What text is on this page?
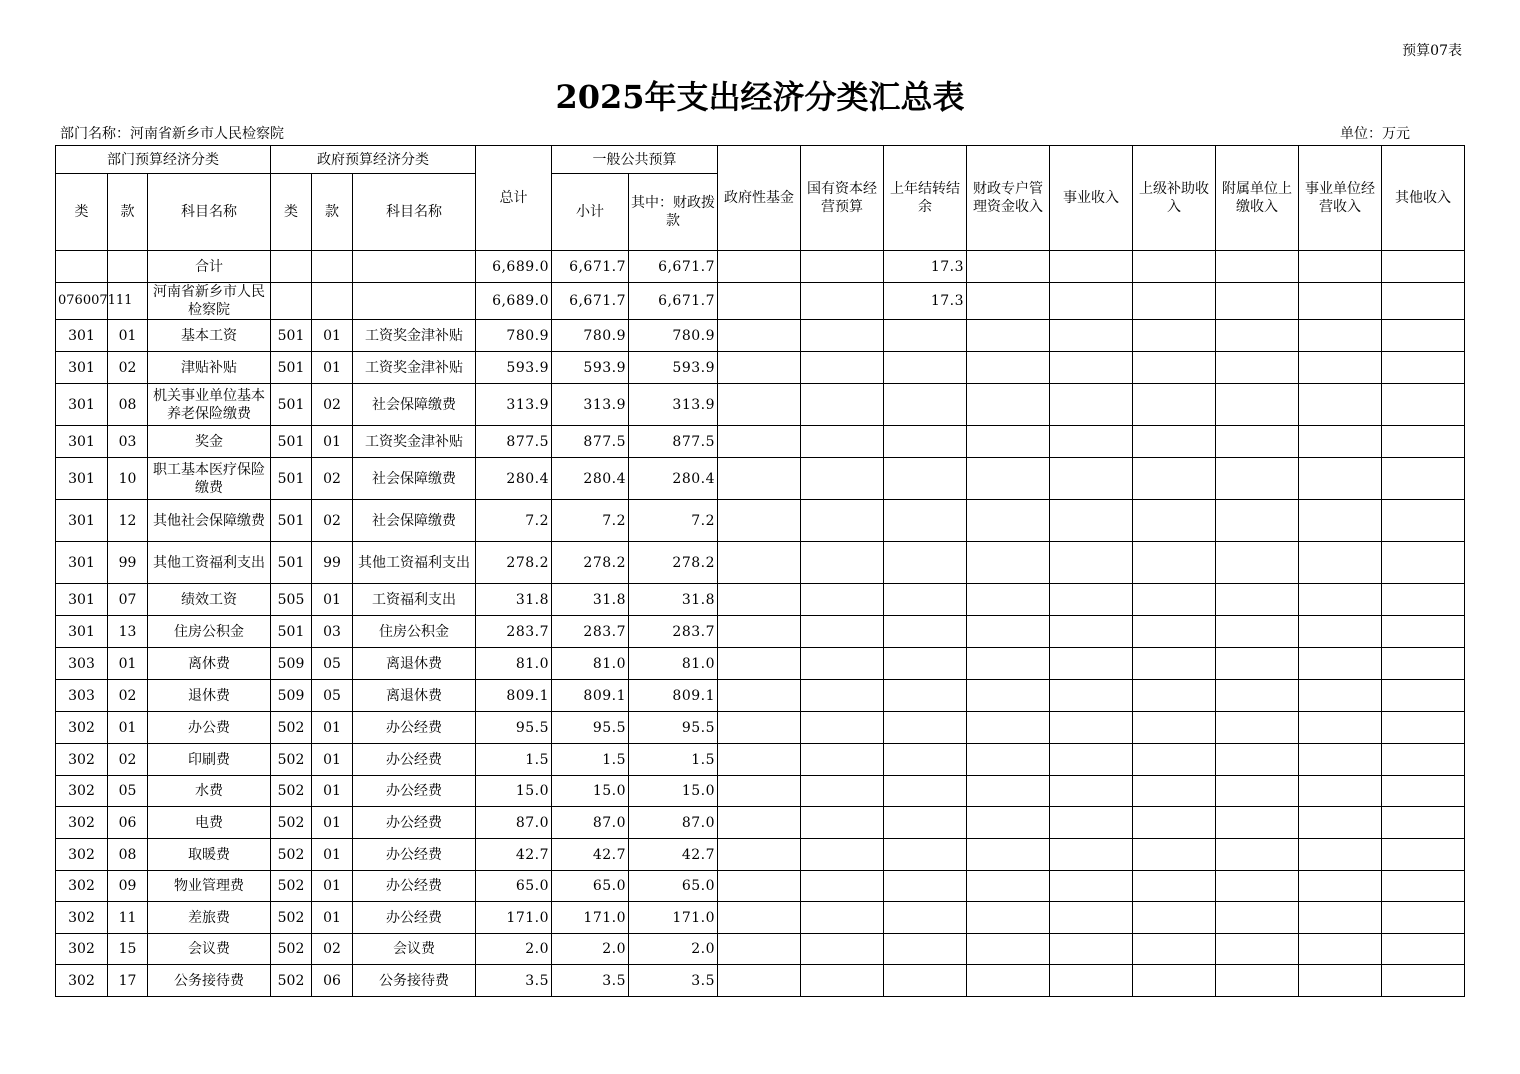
预算07表
2025年支出经济分类汇总表
部门名称：河南省新乡市人民检察院	单位：万元
部门预算经济分类			政府预算经济分类			总计	一般公共预算		政府性基金	国有资本经营预算	上年结转结余	财政专户管理资金收入	事业收入	上级补助收入	附属单位上缴收入	事业单位经营收入	其他收入
类	款	科目名称	类	款	科目名称		小计	其中：财政拨款									
		合计				6,689.0	6,671.7	6,671.7			17.3						
076007111		河南省新乡市人民检察院				6,689.0	6,671.7	6,671.7			17.3						
301	01	基本工资	501	01	工资奖金津补贴	780.9	780.9	780.9									
301	02	津贴补贴	501	01	工资奖金津补贴	593.9	593.9	593.9									
301	08	机关事业单位基本养老保险缴费	501	02	社会保障缴费	313.9	313.9	313.9									
301	03	奖金	501	01	工资奖金津补贴	877.5	877.5	877.5									
301	10	职工基本医疗保险缴费	501	02	社会保障缴费	280.4	280.4	280.4									
301	12	其他社会保障缴费	501	02	社会保障缴费	7.2	7.2	7.2									
301	99	其他工资福利支出	501	99	其他工资福利支出	278.2	278.2	278.2									
301	07	绩效工资	505	01	工资福利支出	31.8	31.8	31.8									
301	13	住房公积金	501	03	住房公积金	283.7	283.7	283.7									
303	01	离休费	509	05	离退休费	81.0	81.0	81.0									
303	02	退休费	509	05	离退休费	809.1	809.1	809.1									
302	01	办公费	502	01	办公经费	95.5	95.5	95.5									
302	02	印刷费	502	01	办公经费	1.5	1.5	1.5									
302	05	水费	502	01	办公经费	15.0	15.0	15.0									
302	06	电费	502	01	办公经费	87.0	87.0	87.0									
302	08	取暖费	502	01	办公经费	42.7	42.7	42.7									
302	09	物业管理费	502	01	办公经费	65.0	65.0	65.0									
302	11	差旅费	502	01	办公经费	171.0	171.0	171.0									
302	15	会议费	502	02	会议费	2.0	2.0	2.0									
302	17	公务接待费	502	06	公务接待费	3.5	3.5	3.5									
